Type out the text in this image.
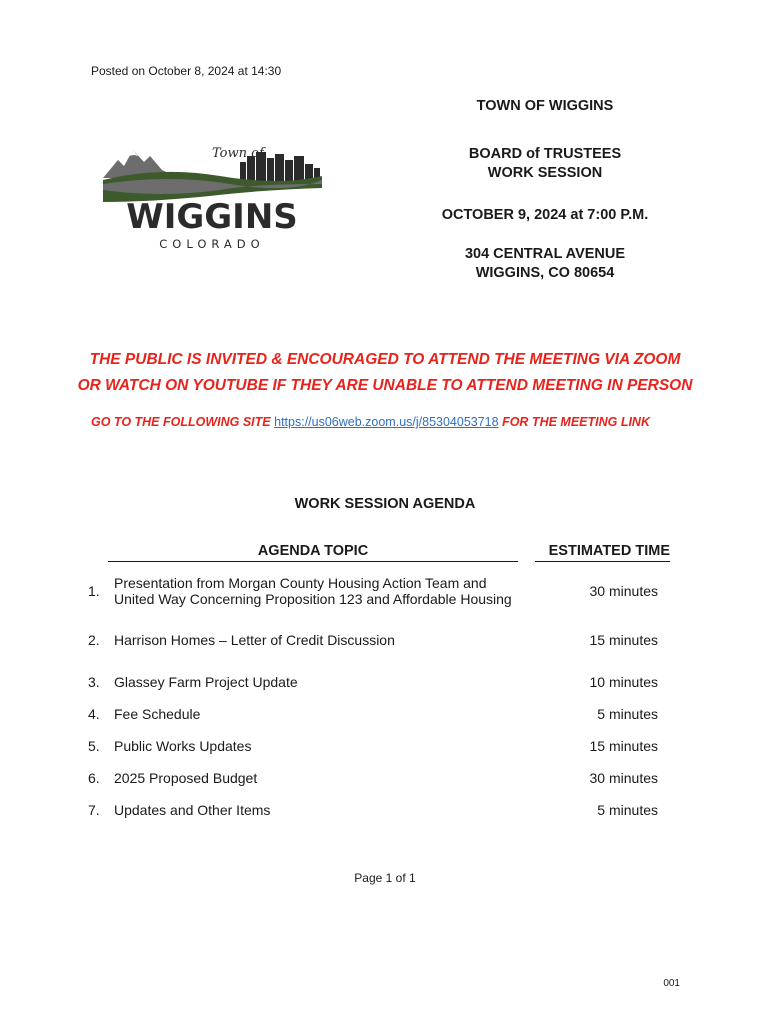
Posted on October 8, 2024 at 14:30
Town of
WIGGINS
COLORADO
TOWN OF WIGGINS
BOARD of TRUSTEES
WORK SESSION
OCTOBER 9, 2024 at 7:00 P.M.
304 CENTRAL AVENUE
WIGGINS, CO 80654
THE PUBLIC IS INVITED & ENCOURAGED TO ATTEND THE MEETING VIA ZOOM
OR WATCH ON YOUTUBE IF THEY ARE UNABLE TO ATTEND MEETING IN PERSON
GO TO THE FOLLOWING SITE https://us06web.zoom.us/j/85304053718 FOR THE MEETING LINK
WORK SESSION AGENDA
AGENDA TOPIC	ESTIMATED TIME
1.	Presentation from Morgan County Housing Action Team and
United Way Concerning Proposition 123 and Affordable Housing	30 minutes
2.	Harrison Homes – Letter of Credit Discussion	15 minutes
3.	Glassey Farm Project Update	10 minutes
4.	Fee Schedule	5 minutes
5.	Public Works Updates	15 minutes
6.	2025 Proposed Budget	30 minutes
7.	Updates and Other Items	5 minutes
Page 1 of 1
001
